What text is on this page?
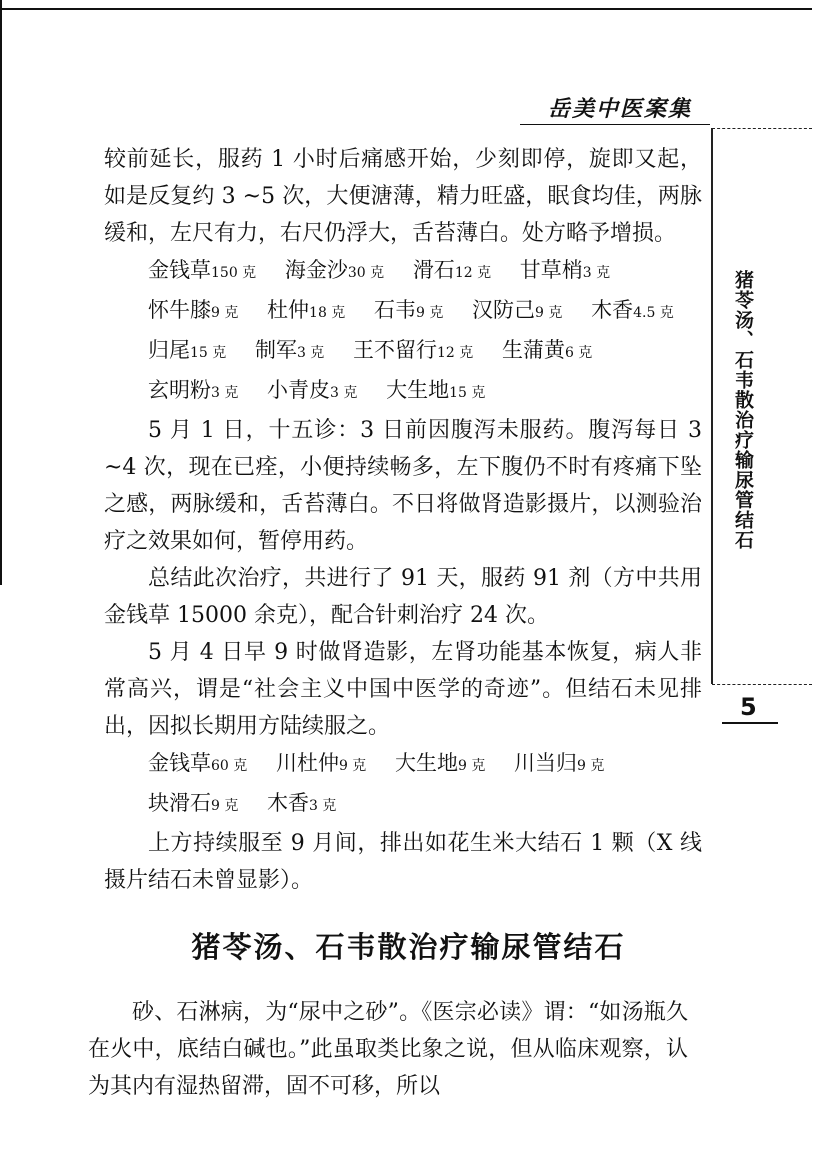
岳美中医案集
猪苓汤、石韦散治疗输尿管结石
5

较前延长，服药 1 小时后痛感开始，少刻即停，旋即又起，如是反复约 3 ~5 次，大便溏薄，精力旺盛，眠食均佳，两脉缓和，左尺有力，右尺仍浮大，舌苔薄白。处方略予增损。

金钱草150 克 海金沙30 克 滑石12 克 甘草梢3 克 怀牛膝9 克 杜仲18 克 石韦9 克 汉防己9 克 木香4.5 克 归尾15 克 制军3 克 王不留行12 克 生蒲黄6 克 玄明粉3 克 小青皮3 克 大生地15 克

5 月 1 日，十五诊：3 日前因腹泻未服药。腹泻每日 3 ~4 次，现在已痊，小便持续畅多，左下腹仍不时有疼痛下坠之感，两脉缓和，舌苔薄白。不日将做肾造影摄片，以测验治疗之效果如何，暂停用药。

总结此次治疗，共进行了 91 天，服药 91 剂（方中共用金钱草 15000 余克），配合针刺治疗 24 次。

5 月 4 日早 9 时做肾造影，左肾功能基本恢复，病人非常高兴，谓是“社会主义中国中医学的奇迹”。但结石未见排出，因拟长期用方陆续服之。

金钱草60 克 川杜仲9 克 大生地9 克 川当归9 克 块滑石9 克 木香3 克

上方持续服至 9 月间，排出如花生米大结石 1 颗（X 线摄片结石未曾显影）。

猪苓汤、石韦散治疗输尿管结石

砂、石淋病，为“尿中之砂”。《医宗必读》谓：“如汤瓶久在火中，底结白碱也。”此虽取类比象之说，但从临床观察，认为其内有湿热留滞，固不可移，所以
